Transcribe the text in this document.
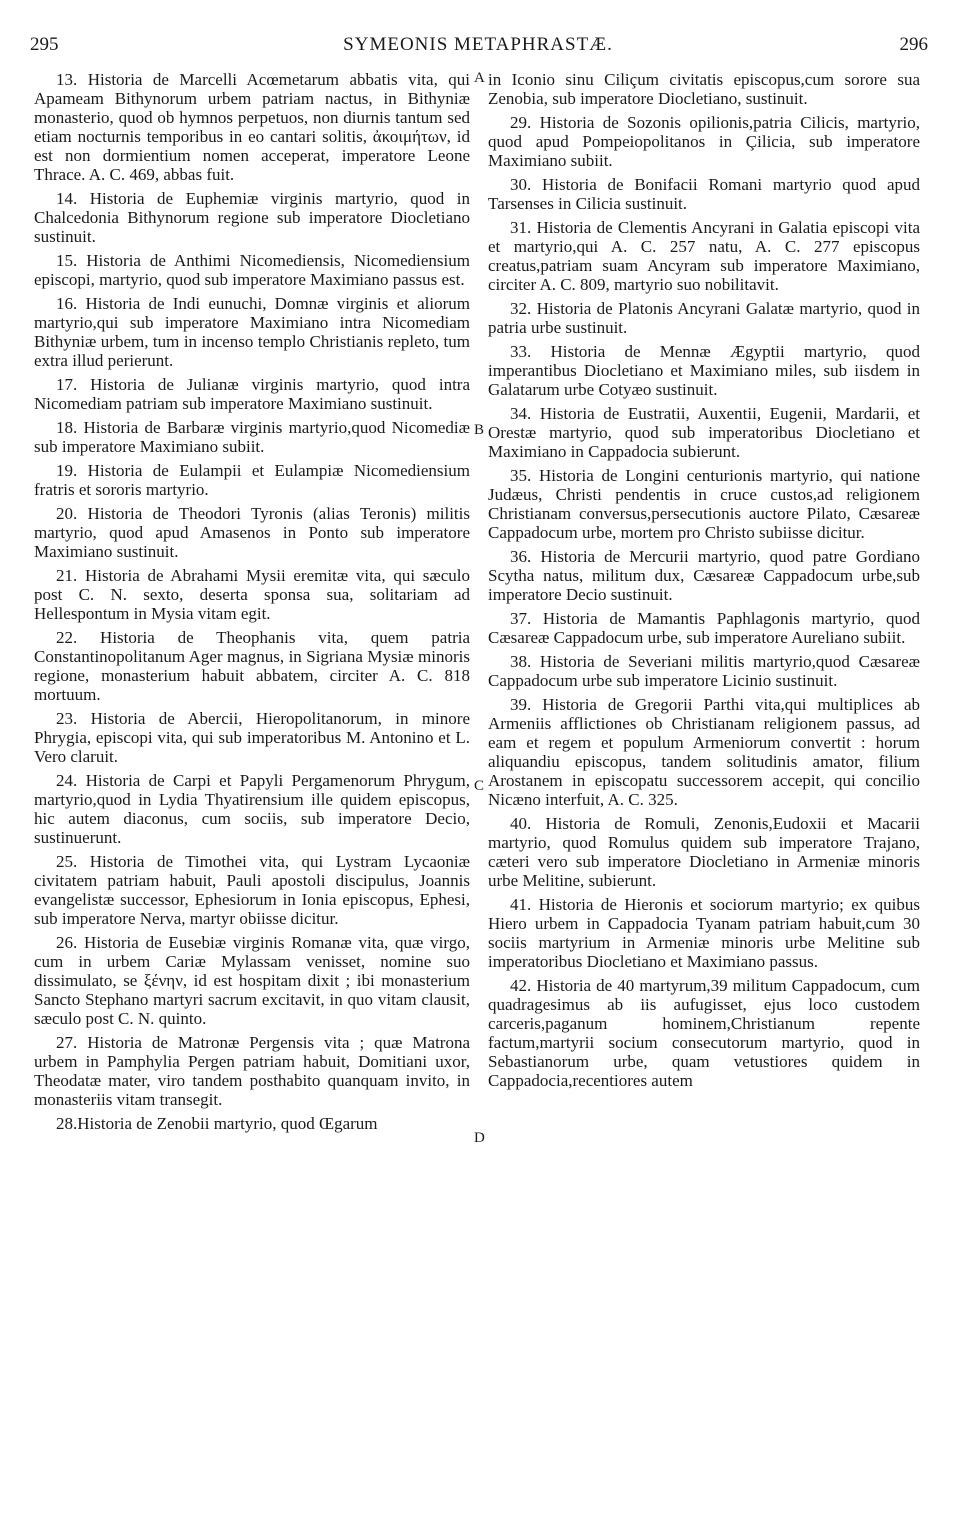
295	SYMEONIS METAPHRASTÆ.	296
A
B
C
D

13. Historia de Marcelli Acœmetarum abbatis vita, qui Apameam Bithynorum urbem patriam nactus, in Bithyniæ monasterio, quod ob hymnos perpetuos, non diurnis tantum sed etiam nocturnis temporibus in eo cantari solitis, ἀκοιμήτων, id est non dormientium nomen acceperat, imperatore Leone Thrace. A. C. 469, abbas fuit.

14. Historia de Euphemiæ virginis martyrio, quod in Chalcedonia Bithynorum regione sub imperatore Diocletiano sustinuit.

15. Historia de Anthimi Nicomediensis, Nicomediensium episcopi, martyrio, quod sub imperatore Maximiano passus est.

16. Historia de Indi eunuchi, Domnæ virginis et aliorum martyrio,qui sub imperatore Maximiano intra Nicomediam Bithyniæ urbem, tum in incenso templo Christianis repleto, tum extra illud perierunt.

17. Historia de Julianæ virginis martyrio, quod intra Nicomediam patriam sub imperatore Maximiano sustinuit.

18. Historia de Barbaræ virginis martyrio,quod Nicomediæ sub imperatore Maximiano subiit.

19. Historia de Eulampii et Eulampiæ Nicomediensium fratris et sororis martyrio.

20. Historia de Theodori Tyronis (alias Teronis) militis martyrio, quod apud Amasenos in Ponto sub imperatore Maximiano sustinuit.

21. Historia de Abrahami Mysii eremitæ vita, qui sæculo post C. N. sexto, deserta sponsa sua, solitariam ad Hellespontum in Mysia vitam egit.

22. Historia de Theophanis vita, quem patria Constantinopolitanum Ager magnus, in Sigriana Mysiæ minoris regione, monasterium habuit abbatem, circiter A. C. 818 mortuum.

23. Historia de Abercii, Hieropolitanorum, in minore Phrygia, episcopi vita, qui sub imperatoribus M. Antonino et L. Vero claruit.

24. Historia de Carpi et Papyli Pergamenorum Phrygum, martyrio,quod in Lydia Thyatirensium ille quidem episcopus, hic autem diaconus, cum sociis, sub imperatore Decio, sustinuerunt.

25. Historia de Timothei vita, qui Lystram Lycaoniæ civitatem patriam habuit, Pauli apostoli discipulus, Joannis evangelistæ successor, Ephesiorum in Ionia episcopus, Ephesi, sub imperatore Nerva, martyr obiisse dicitur.

26. Historia de Eusebiæ virginis Romanæ vita, quæ virgo, cum in urbem Cariæ Mylassam venisset, nomine suo dissimulato, se ξένην, id est hospitam dixit ; ibi monasterium Sancto Stephano martyri sacrum excitavit, in quo vitam clausit, sæculo post C. N. quinto.

27. Historia de Matronæ Pergensis vita ; quæ Matrona urbem in Pamphylia Pergen patriam habuit, Domitiani uxor, Theodatæ mater, viro tandem posthabito quanquam invito, in monasteriis vitam transegit.

28.Historia de Zenobii martyrio, quod Œgarum

in Iconio sinu Ciliçum civitatis episcopus,cum sorore sua Zenobia, sub imperatore Diocletiano, sustinuit.

29. Historia de Sozonis opilionis,patria Cilicis, martyrio, quod apud Pompeiopolitanos in Çilicia, sub imperatore Maximiano subiit.

30. Historia de Bonifacii Romani martyrio quod apud Tarsenses in Cilicia sustinuit.

31. Historia de Clementis Ancyrani in Galatia episcopi vita et martyrio,qui A. C. 257 natu, A. C. 277 episcopus creatus,patriam suam Ancyram sub imperatore Maximiano, circiter A. C. 809, martyrio suo nobilitavit.

32. Historia de Platonis Ancyrani Galatæ martyrio, quod in patria urbe sustinuit.

33. Historia de Mennæ Ægyptii martyrio, quod imperantibus Diocletiano et Maximiano miles, sub iisdem in Galatarum urbe Cotyæo sustinuit.

34. Historia de Eustratii, Auxentii, Eugenii, Mardarii, et Orestæ martyrio, quod sub imperatoribus Diocletiano et Maximiano in Cappadocia subierunt.

35. Historia de Longini centurionis martyrio, qui natione Judæus, Christi pendentis in cruce custos,ad religionem Christianam conversus,persecutionis auctore Pilato, Cæsareæ Cappadocum urbe, mortem pro Christo subiisse dicitur.

36. Historia de Mercurii martyrio, quod patre Gordiano Scytha natus, militum dux, Cæsareæ Cappadocum urbe,sub imperatore Decio sustinuit.

37. Historia de Mamantis Paphlagonis martyrio, quod Cæsareæ Cappadocum urbe, sub imperatore Aureliano subiit.

38. Historia de Severiani militis martyrio,quod Cæsareæ Cappadocum urbe sub imperatore Licinio sustinuit.

39. Historia de Gregorii Parthi vita,qui multiplices ab Armeniis afflictiones ob Christianam religionem passus, ad eam et regem et populum Armeniorum convertit : horum aliquandiu episcopus, tandem solitudinis amator, filium Arostanem in episcopatu successorem accepit, qui concilio Nicæno interfuit, A. C. 325.

40. Historia de Romuli, Zenonis,Eudoxii et Macarii martyrio, quod Romulus quidem sub imperatore Trajano, cæteri vero sub imperatore Diocletiano in Armeniæ minoris urbe Melitine, subierunt.

41. Historia de Hieronis et sociorum martyrio; ex quibus Hiero urbem in Cappadocia Tyanam patriam habuit,cum 30 sociis martyrium in Armeniæ minoris urbe Melitine sub imperatoribus Diocletiano et Maximiano passus.

42. Historia de 40 martyrum,39 militum Cappadocum, cum quadragesimus ab iis aufugisset, ejus loco custodem carceris,paganum hominem,Christianum repente factum,martyrii socium consecutorum martyrio, quod in Sebastianorum urbe, quam vetustiores quidem in Cappadocia,recentiores autem
